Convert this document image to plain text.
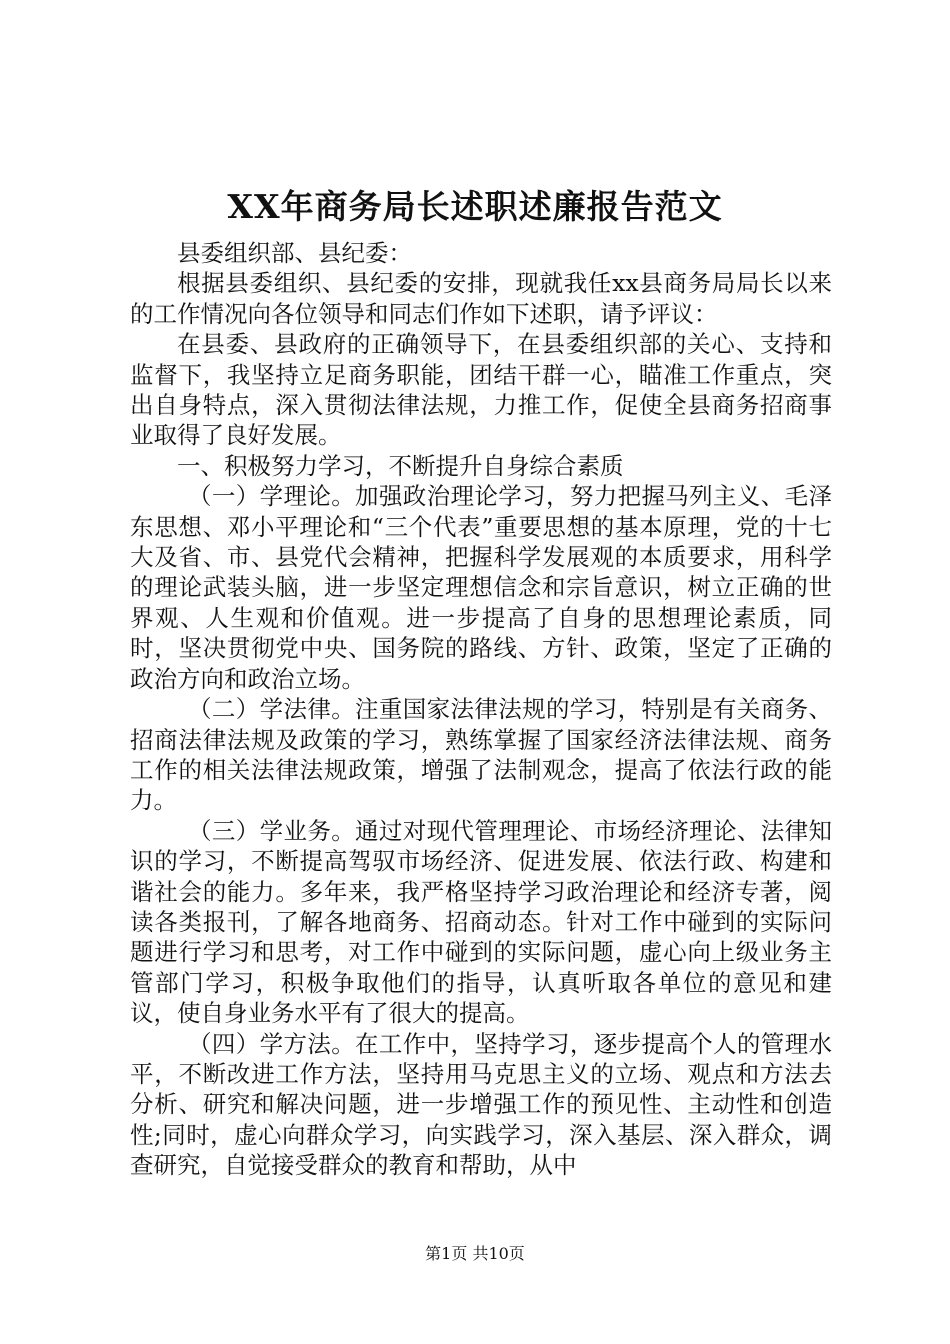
XX年商务局长述职述廉报告范文

县委组织部、县纪委：

根据县委组织、县纪委的安排，现就我任xx县商务局局长以来的工作情况向各位领导和同志们作如下述职，请予评议：

在县委、县政府的正确领导下，在县委组织部的关心、支持和监督下，我坚持立足商务职能，团结干群一心，瞄准工作重点，突出自身特点，深入贯彻法律法规，力推工作，促使全县商务招商事业取得了良好发展。

一、积极努力学习，不断提升自身综合素质

（一）学理论。加强政治理论学习，努力把握马列主义、毛泽东思想、邓小平理论和“三个代表”重要思想的基本原理，党的十七大及省、市、县党代会精神，把握科学发展观的本质要求，用科学的理论武装头脑，进一步坚定理想信念和宗旨意识，树立正确的世界观、人生观和价值观。进一步提高了自身的思想理论素质，同时，坚决贯彻党中央、国务院的路线、方针、政策，坚定了正确的政治方向和政治立场。

（二）学法律。注重国家法律法规的学习，特别是有关商务、招商法律法规及政策的学习，熟练掌握了国家经济法律法规、商务工作的相关法律法规政策，增强了法制观念，提高了依法行政的能力。

（三）学业务。通过对现代管理理论、市场经济理论、法律知识的学习，不断提高驾驭市场经济、促进发展、依法行政、构建和谐社会的能力。多年来，我严格坚持学习政治理论和经济专著，阅读各类报刊，了解各地商务、招商动态。针对工作中碰到的实际问题进行学习和思考，对工作中碰到的实际问题，虚心向上级业务主管部门学习，积极争取他们的指导，认真听取各单位的意见和建议，使自身业务水平有了很大的提高。

（四）学方法。在工作中，坚持学习，逐步提高个人的管理水平，不断改进工作方法，坚持用马克思主义的立场、观点和方法去分析、研究和解决问题，进一步增强工作的预见性、主动性和创造性;同时，虚心向群众学习，向实践学习，深入基层、深入群众，调查研究，自觉接受群众的教育和帮助，从中

第1页 共10页
